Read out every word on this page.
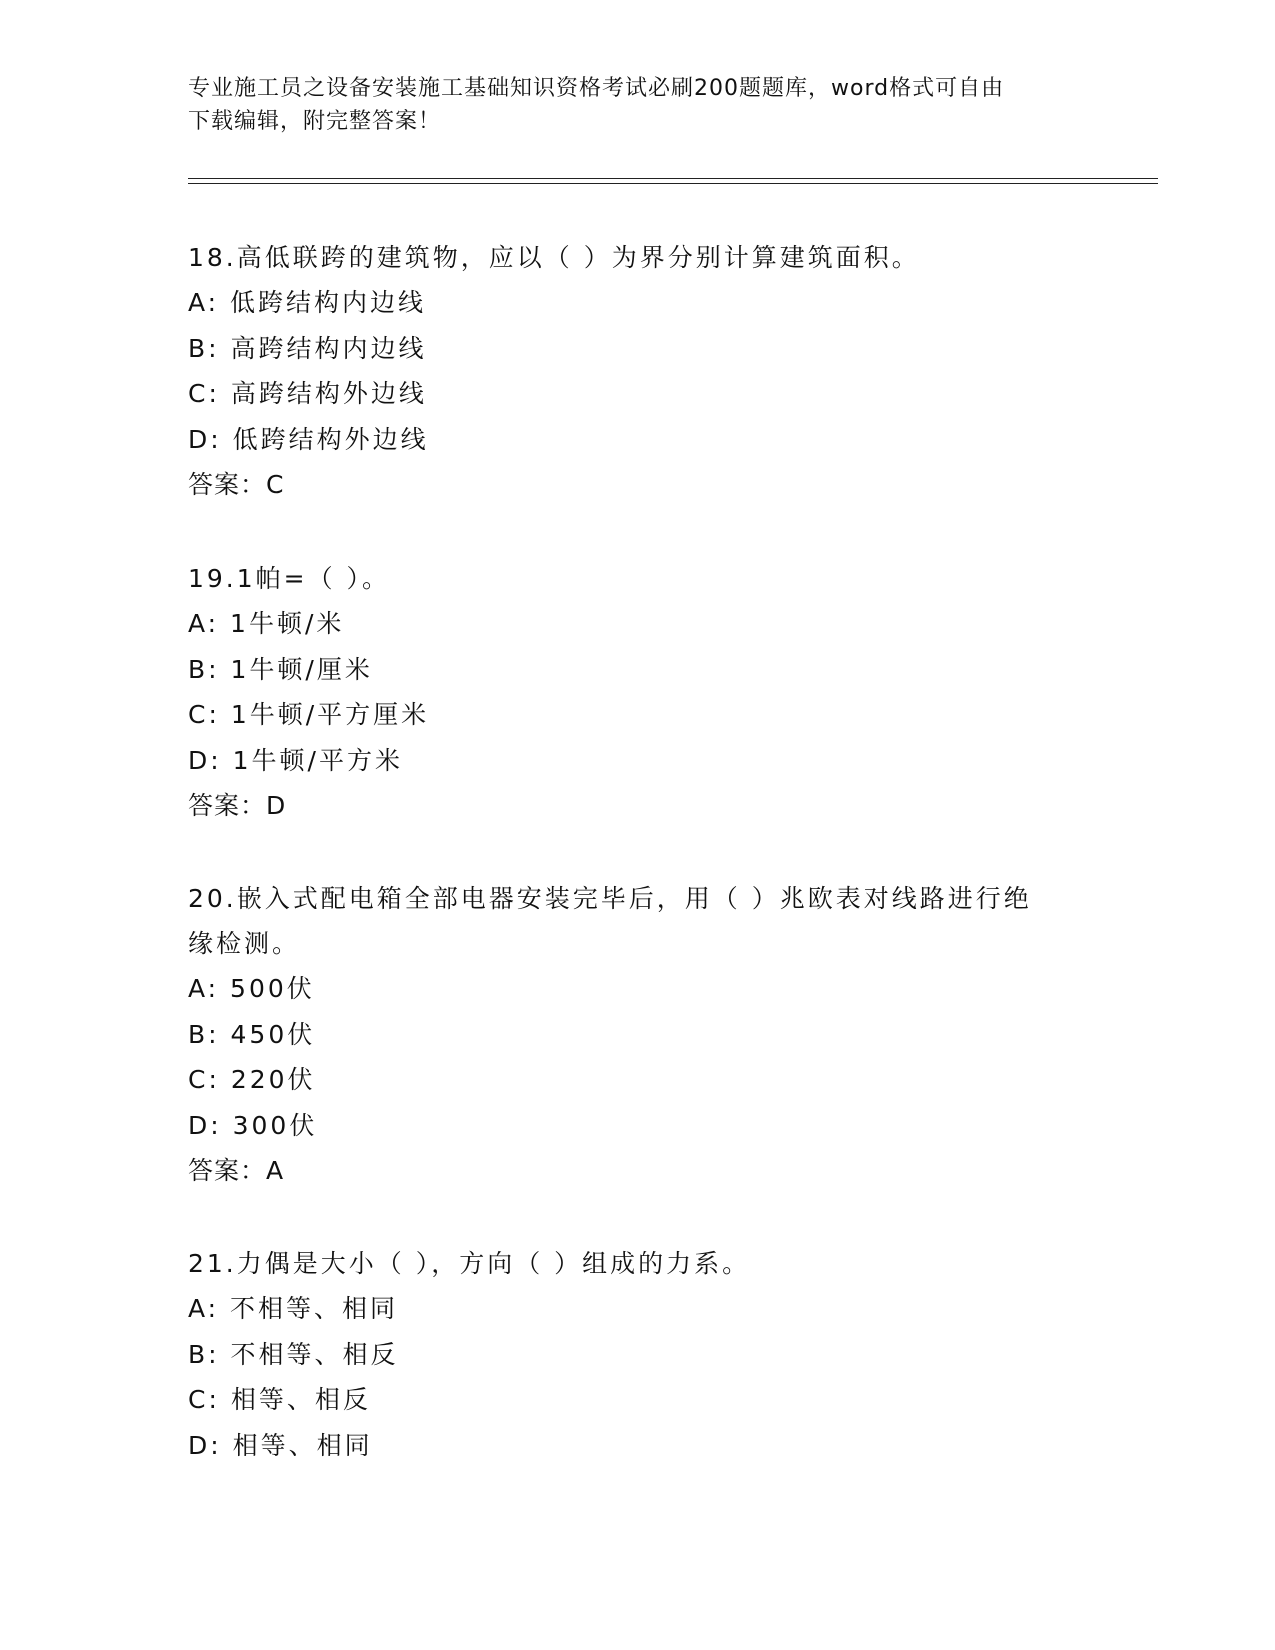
专业施工员之设备安装施工基础知识资格考试必刷200题题库，word格式可自由
下载编辑，附完整答案！
18.高低联跨的建筑物，应以（ ）为界分别计算建筑面积。
A: 低跨结构内边线
B: 高跨结构内边线
C: 高跨结构外边线
D: 低跨结构外边线
答案：C
19.1帕=（ ）。
A: 1牛顿/米
B: 1牛顿/厘米
C: 1牛顿/平方厘米
D: 1牛顿/平方米
答案：D
20.嵌入式配电箱全部电器安装完毕后，用（ ）兆欧表对线路进行绝
缘检测。
A: 500伏
B: 450伏
C: 220伏
D: 300伏
答案：A
21.力偶是大小（ ），方向（ ）组成的力系。
A: 不相等、相同
B: 不相等、相反
C: 相等、相反
D: 相等、相同
